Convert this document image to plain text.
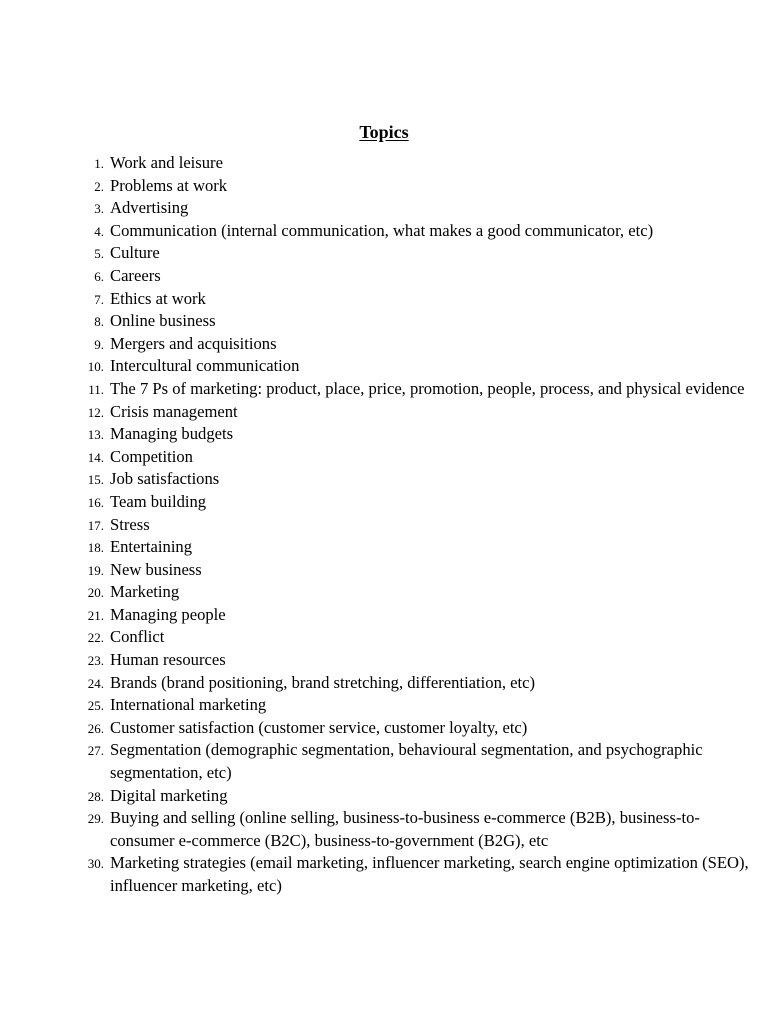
Topics
1. Work and leisure
2. Problems at work
3. Advertising
4. Communication (internal communication, what makes a good communicator, etc)
5. Culture
6. Careers
7. Ethics at work
8. Online business
9. Mergers and acquisitions
10. Intercultural communication
11. The 7 Ps of marketing: product, place, price, promotion, people, process, and physical evidence
12. Crisis management
13. Managing budgets
14. Competition
15. Job satisfactions
16. Team building
17. Stress
18. Entertaining
19. New business
20. Marketing
21. Managing people
22. Conflict
23. Human resources
24. Brands (brand positioning, brand stretching, differentiation, etc)
25. International marketing
26. Customer satisfaction (customer service, customer loyalty, etc)
27. Segmentation (demographic segmentation, behavioural segmentation, and psychographic segmentation, etc)
28. Digital marketing
29. Buying and selling (online selling, business-to-business e-commerce (B2B), business-to-consumer e-commerce (B2C), business-to-government (B2G), etc
30. Marketing strategies (email marketing, influencer marketing, search engine optimization (SEO), influencer marketing, etc)
